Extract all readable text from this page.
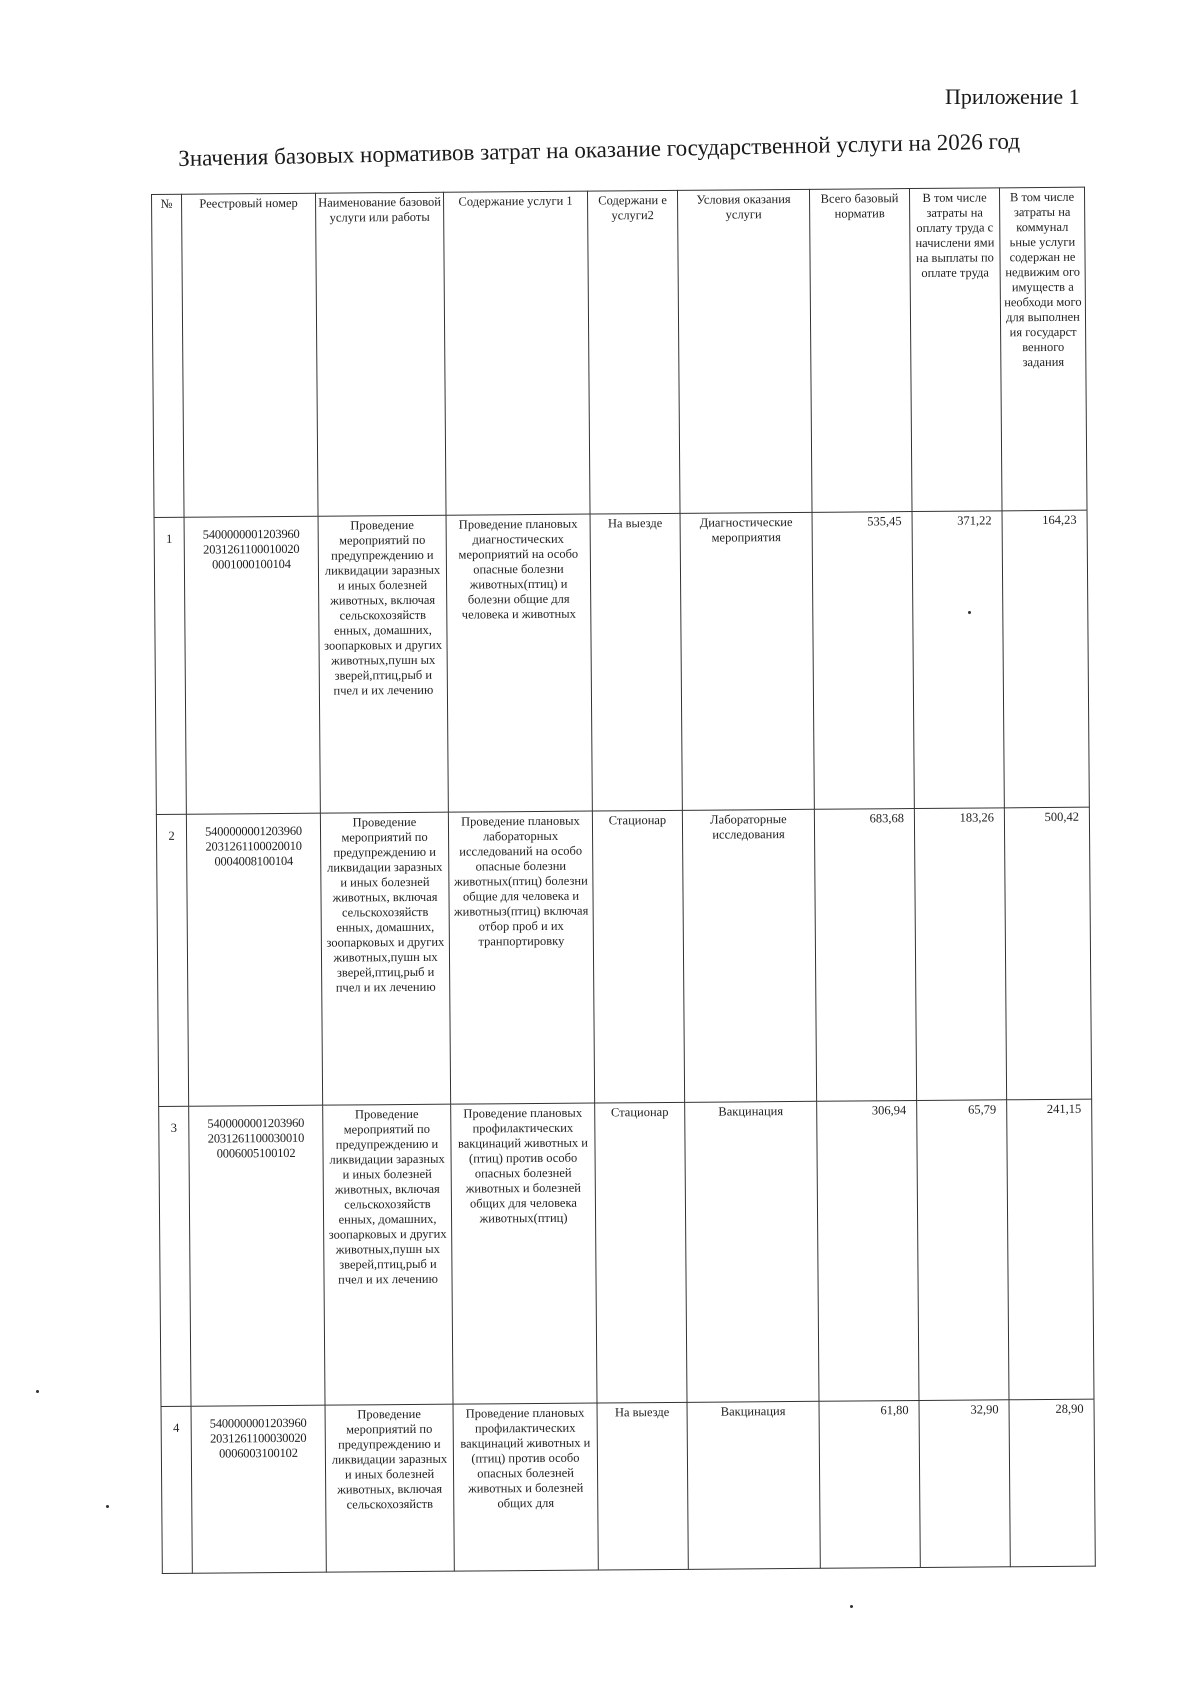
Приложение 1
Значения базовых нормативов затрат на оказание государственной услуги на 2026 год
№	Реестровый номер	Наименование базовой услуги или работы	Содержание услуги 1	Содержани е услуги2	Условия оказания услуги	Всего базовый норматив	В том числе затраты на оплату труда с начислени ями на выплаты по оплате труда	В том числе затраты на коммунал ьные услуги содержан не недвижим ого имуществ а необходи мого для выполнен ия государст венного задания
1	5400000001203960 2031261100010020 0001000100104	Проведение мероприятий по предупреждению и ликвидации заразных и иных болезней животных, включая сельскохозяйств енных, домашних, зоопарковых и других животных,пушн ых зверей,птиц,рыб и пчел и их лечению	Проведение плановых диагностических мероприятий на особо опасные болезни животных(птиц) и болезни общие для человека и животных	На выезде	Диагностические мероприятия	535,45	371,22	164,23
2	5400000001203960 2031261100020010 0004008100104	Проведение мероприятий по предупреждению и ликвидации заразных и иных болезней животных, включая сельскохозяйств енных, домашних, зоопарковых и других животных,пушн ых зверей,птиц,рыб и пчел и их лечению	Проведение плановых лабораторных исследований на особо опасные болезни животных(птиц) болезни общие для человека и животныз(птиц) включая отбор проб и их транпортировку	Стационар	Лабораторные исследования	683,68	183,26	500,42
3	5400000001203960 2031261100030010 0006005100102	Проведение мероприятий по предупреждению и ликвидации заразных и иных болезней животных, включая сельскохозяйств енных, домашних, зоопарковых и других животных,пушн ых зверей,птиц,рыб и пчел и их лечению	Проведение плановых профилактических вакцинаций животных и (птиц) против особо опасных болезней животных и болезней общих для человека животных(птиц)	Стационар	Вакцинация	306,94	65,79	241,15
4	5400000001203960 2031261100030020 0006003100102	Проведение мероприятий по предупреждению и ликвидации заразных и иных болезней животных, включая сельскохозяйств	Проведение плановых профилактических вакцинаций животных и (птиц) против особо опасных болезней животных и болезней общих для	На выезде	Вакцинация	61,80	32,90	28,90
